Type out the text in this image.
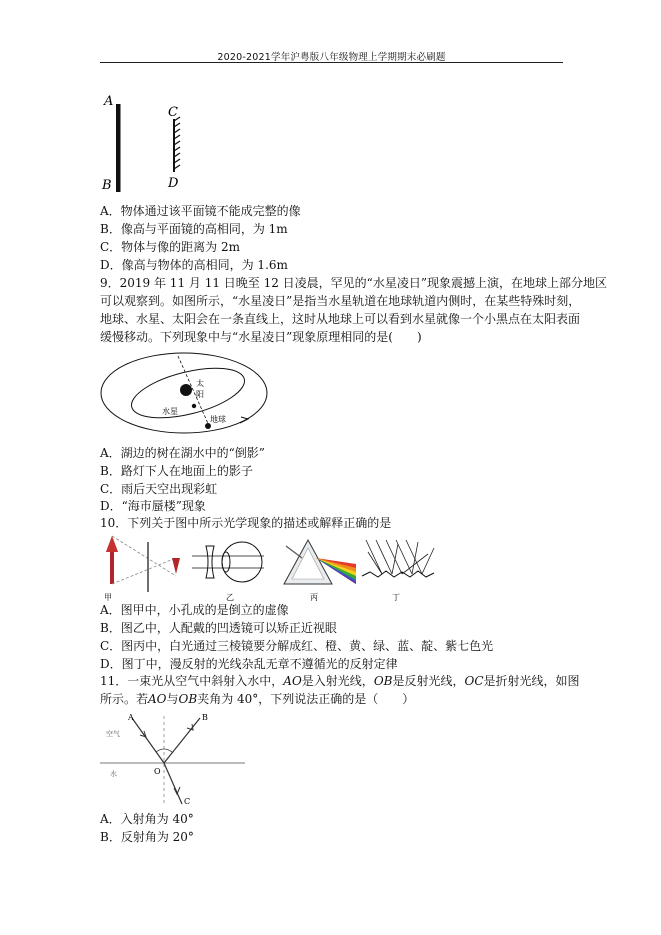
2020-2021学年沪粤版八年级物理上学期期末必刷题
A
B
C
D
A．物体通过该平面镜不能成完整的像
B．像高与平面镜的高相同，为 1m
C．物体与像的距离为 2m
D．像高与物体的高相同，为 1.6m
9．2019 年 11 月 11 日晚至 12 日凌晨，罕见的“水星凌日”现象震撼上演，在地球上部分地区
可以观察到。如图所示，“水星凌日”是指当水星轨道在地球轨道内侧时，在某些特殊时刻，
地球、水星、太阳会在一条直线上，这时从地球上可以看到水星就像一个小黑点在太阳表面
缓慢移动。下列现象中与“水星凌日”现象原理相同的是(　　)
太
阳
水星
地球
A．湖边的树在湖水中的“倒影”
B．路灯下人在地面上的影子
C．雨后天空出现彩虹
D．“海市蜃楼”现象
10．下列关于图中所示光学现象的描述或解释正确的是
甲	乙	丙	丁
A．图甲中，小孔成的是倒立的虚像
B．图乙中，人配戴的凹透镜可以矫正近视眼
C．图丙中，白光通过三棱镜要分解成红、橙、黄、绿、蓝、靛、紫七色光
D．图丁中，漫反射的光线杂乱无章不遵循光的反射定律
11．一束光从空气中斜射入水中，AO是入射光线，OB是反射光线，OC是折射光线，如图
所示。若AO与OB夹角为 40°，下列说法正确的是（　　）
A	B
O
C
空气
水
A．入射角为 40°
B．反射角为 20°
